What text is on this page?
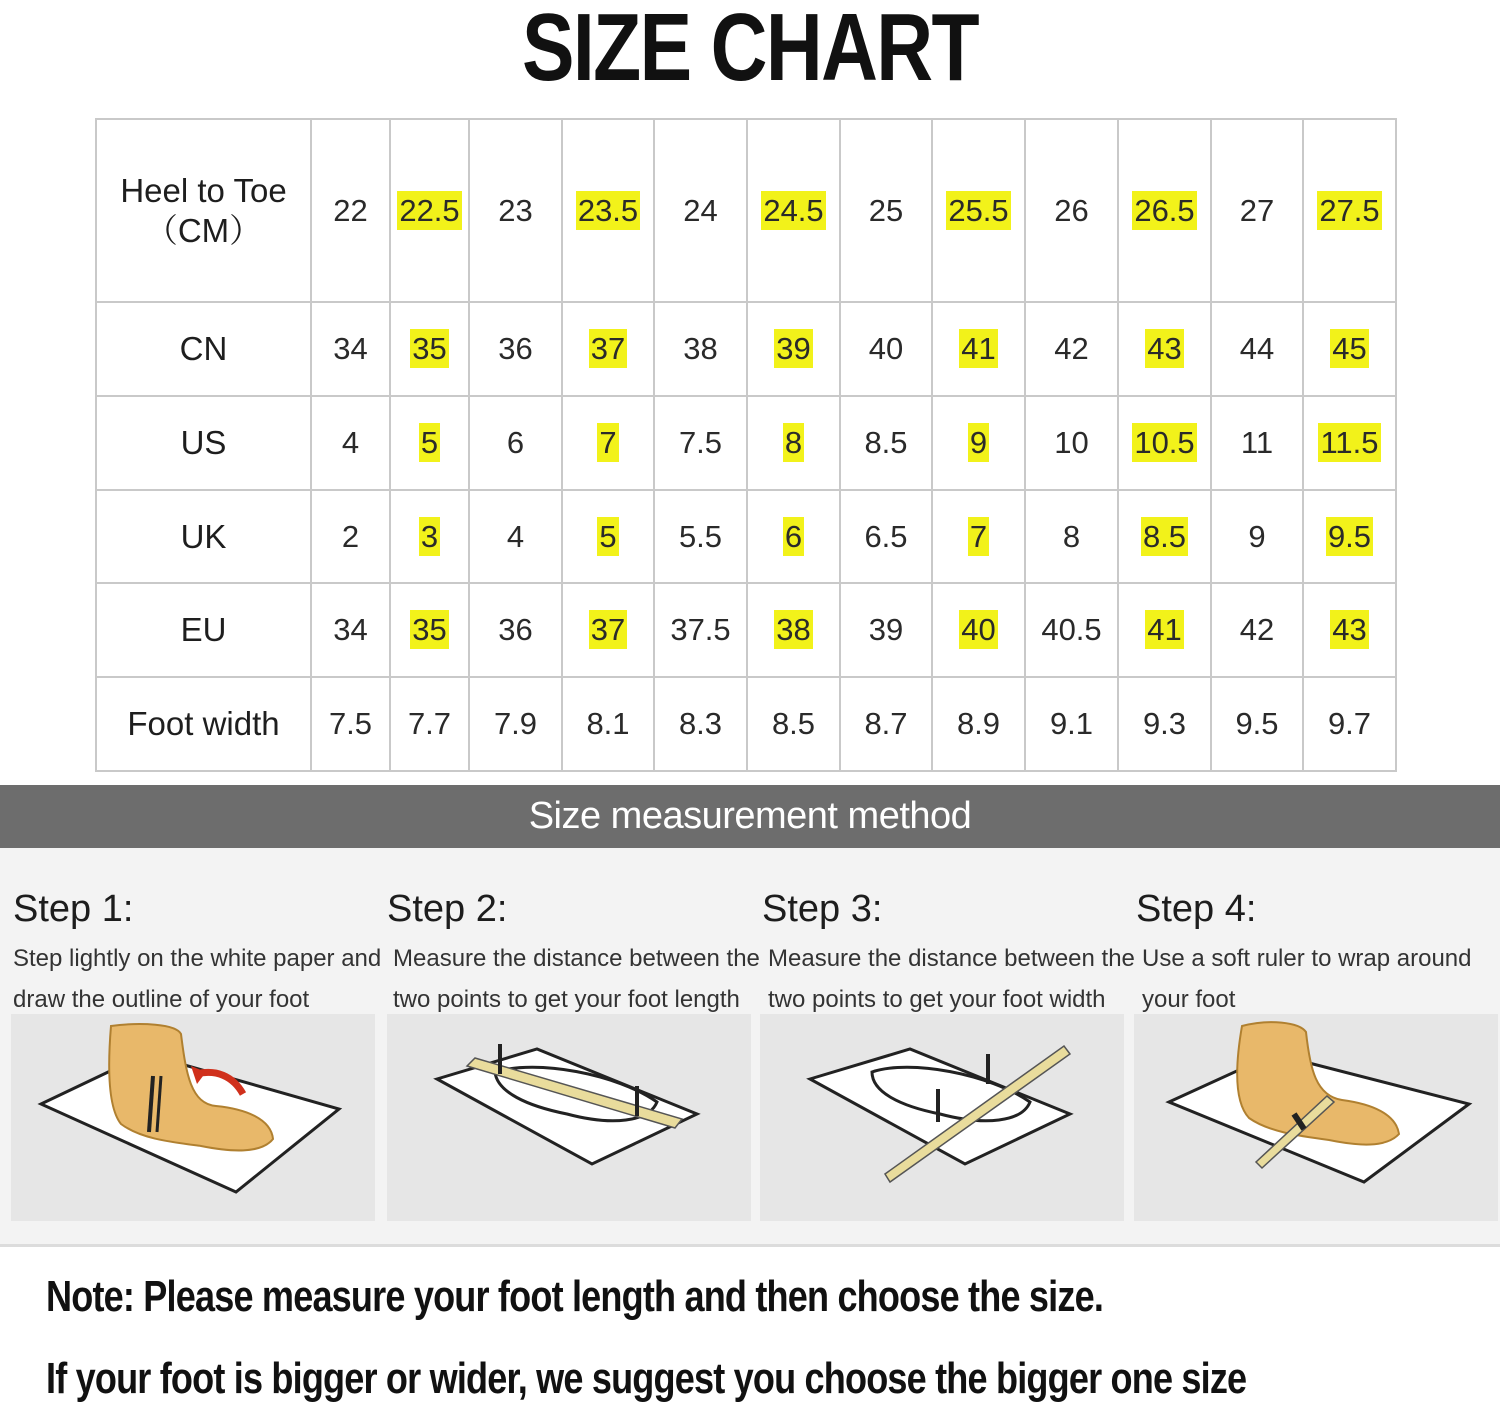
SIZE CHART
Heel to Toe
（CM）	22	22.5	23	23.5	24	24.5	25	25.5	26	26.5	27	27.5

CN	34	35	36	37	38	39	40	41	42	43	44	45

US	4	5	6	7	7.5	8	8.5	9	10	10.5	11	11.5

UK	2	3	4	5	5.5	6	6.5	7	8	8.5	9	9.5

EU	34	35	36	37	37.5	38	39	40	40.5	41	42	43

Foot width	7.5	7.7	7.9	8.1	8.3	8.5	8.7	8.9	9.1	9.3	9.5	9.7
Size measurement method
Step 1:
Step lightly on the white paper and draw the outline of your foot
Step 2:
Measure the distance between the two points to get your foot length
Step 3:
Measure the distance between the two points to get your foot width
Step 4:
Use a soft ruler to wrap around your foot
Note: Please measure your foot length and then choose the size.
If your foot is bigger or wider, we suggest you choose the bigger one size
